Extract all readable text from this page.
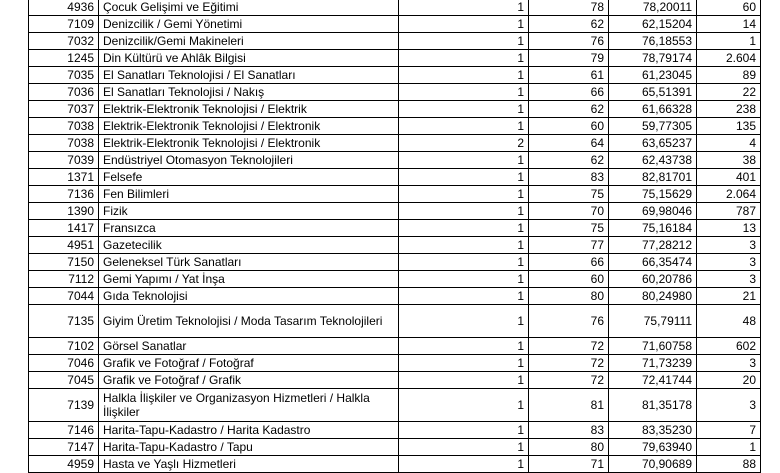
4936	Çocuk Gelişimi ve Eğitimi	1	78	78,20011	60
7109	Denizcilik / Gemi Yönetimi	1	62	62,15204	14
7032	Denizcilik/Gemi Makineleri	1	76	76,18553	1
1245	Din Kültürü ve Ahlâk Bilgisi	1	79	78,79174	2.604
7035	El Sanatları Teknolojisi / El Sanatları	1	61	61,23045	89
7036	El Sanatları Teknolojisi / Nakış	1	66	65,51391	22
7037	Elektrik-Elektronik Teknolojisi / Elektrik	1	62	61,66328	238
7038	Elektrik-Elektronik Teknolojisi / Elektronik	1	60	59,77305	135
7038	Elektrik-Elektronik Teknolojisi / Elektronik	2	64	63,65237	4
7039	Endüstriyel Otomasyon Teknolojileri	1	62	62,43738	38
1371	Felsefe	1	83	82,81701	401
7136	Fen Bilimleri	1	75	75,15629	2.064
1390	Fizik	1	70	69,98046	787
1417	Fransızca	1	75	75,16184	13
4951	Gazetecilik	1	77	77,28212	3
7150	Geleneksel Türk Sanatları	1	66	66,35474	3
7112	Gemi Yapımı / Yat İnşa	1	60	60,20786	3
7044	Gıda Teknolojisi	1	80	80,24980	21
7135	Giyim Üretim Teknolojisi / Moda Tasarım Teknolojileri	1	76	75,79111	48
7102	Görsel Sanatlar	1	72	71,60758	602
7046	Grafik ve Fotoğraf / Fotoğraf	1	72	71,73239	3
7045	Grafik ve Fotoğraf / Grafik	1	72	72,41744	20
7139	Halkla İlişkiler ve Organizasyon Hizmetleri / Halkla İlişkiler	1	81	81,35178	3
7146	Harita-Tapu-Kadastro / Harita Kadastro	1	83	83,35230	7
7147	Harita-Tapu-Kadastro / Tapu	1	80	79,63940	1
4959	Hasta ve Yaşlı Hizmetleri	1	71	70,90689	88
